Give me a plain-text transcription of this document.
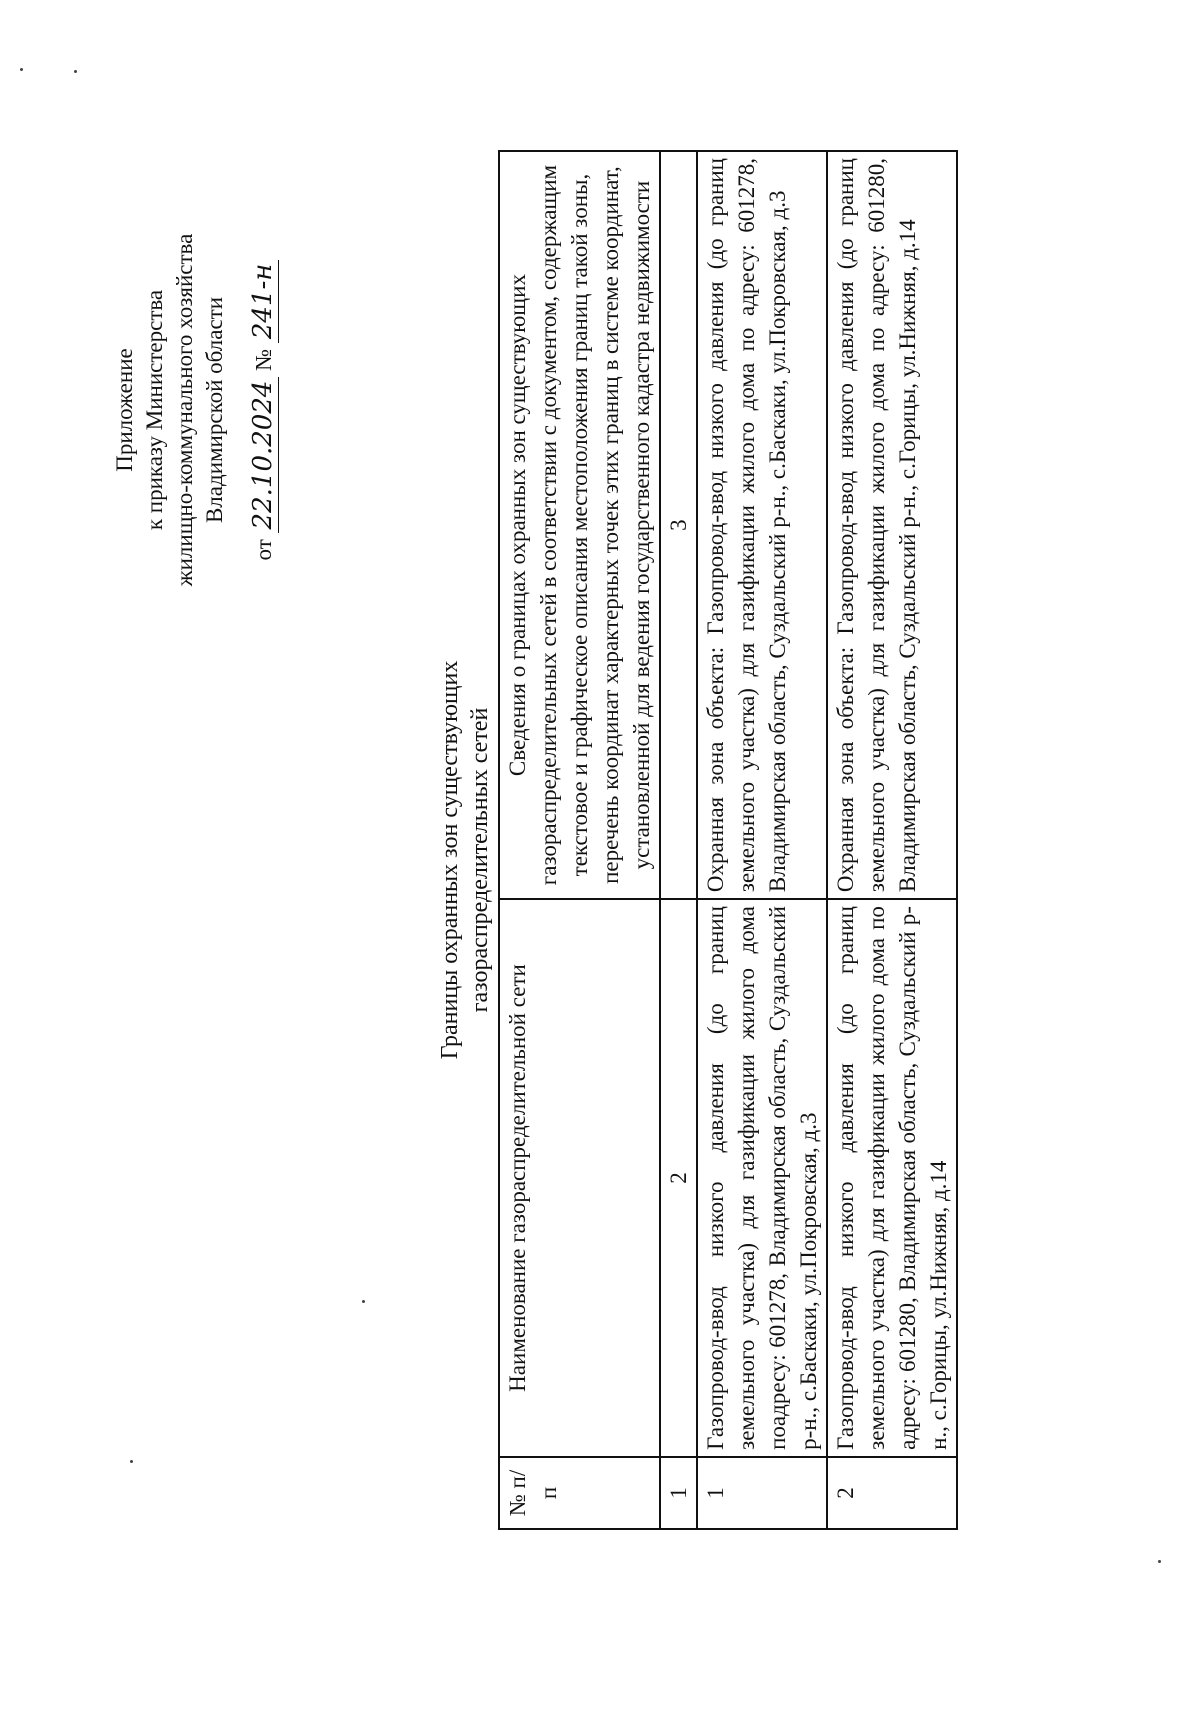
Приложение к приказу Министерства жилищно-коммунального хозяйства Владимирской области
от 22.10.2024 № 241-н
Границы охранных зон существующих газораспределительных сетей
№ п/п	Наименование газораспределительной сети	Сведения о границах охранных зон существующих газораспределительных сетей в соответствии с документом, содержащим текстовое и графическое описания местоположения границ такой зоны, перечень координат характерных точек этих границ в системе координат, установленной для ведения государственного кадастра недвижимости
1	2	3
1	Газопровод-ввод низкого давления (до границ земельного участка) для газификации жилого дома поадресу: 601278, Владимирская область, Суздальский р-н., с.Баскаки, ул.Покровская, д.3	Охранная зона объекта: Газопровод-ввод низкого давления (до границ земельного участка) для газификации жилого дома по адресу: 601278, Владимирская область, Суздальский р-н., с.Баскаки, ул.Покровская, д.3
2	Газопровод-ввод низкого давления (до границ земельного участка) для газификации жилого дома по адресу: 601280, Владимирская область, Суздальский р-н., с.Горицы, ул.Нижняя, д.14	Охранная зона объекта: Газопровод-ввод низкого давления (до границ земельного участка) для газификации жилого дома по адресу: 601280, Владимирская область, Суздальский р-н., с.Горицы, ул.Нижняя, д.14
